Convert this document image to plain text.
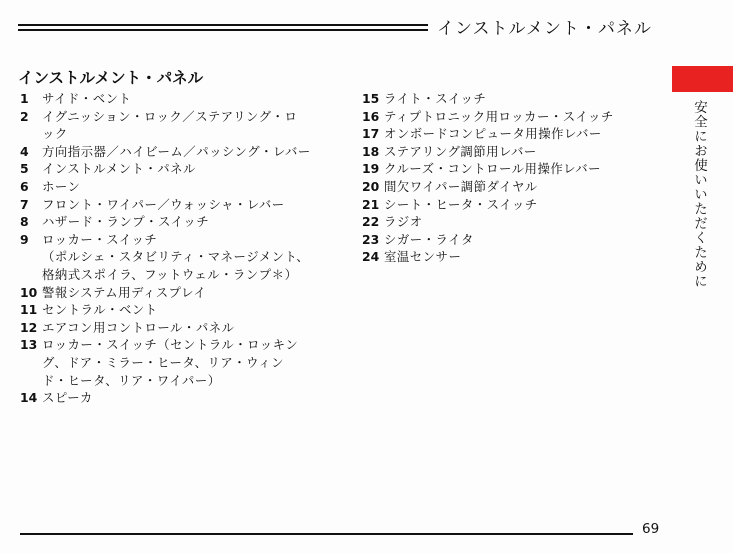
インストルメント・パネル
インストルメント・パネル
1	サイド・ベント
2	イグニッション・ロック／ステアリング・ロ
ック
4	方向指示器／ハイビーム／パッシング・レバー
5	インストルメント・パネル
6	ホーン
7	フロント・ワイパー／ウォッシャ・レバー
8	ハザード・ランプ・スイッチ
9	ロッカー・スイッチ
（ポルシェ・スタビリティ・マネージメント、
格納式スポイラ、フットウェル・ランプ＊）
10 警報システム用ディスプレイ
11 セントラル・ベント
12 エアコン用コントロール・パネル
13 ロッカー・スイッチ（セントラル・ロッキン
グ、ドア・ミラー・ヒータ、リア・ウィン
ド・ヒータ、リア・ワイパー）
14 スピーカ
15 ライト・スイッチ
16 ティプトロニック用ロッカー・スイッチ
17 オンボードコンピュータ用操作レバー
18 ステアリング調節用レバー
19 クルーズ・コントロール用操作レバー
20 間欠ワイパー調節ダイヤル
21 シート・ヒータ・スイッチ
22 ラジオ
23 シガー・ライタ
24 室温センサー	安全にお使いいただくために
69
